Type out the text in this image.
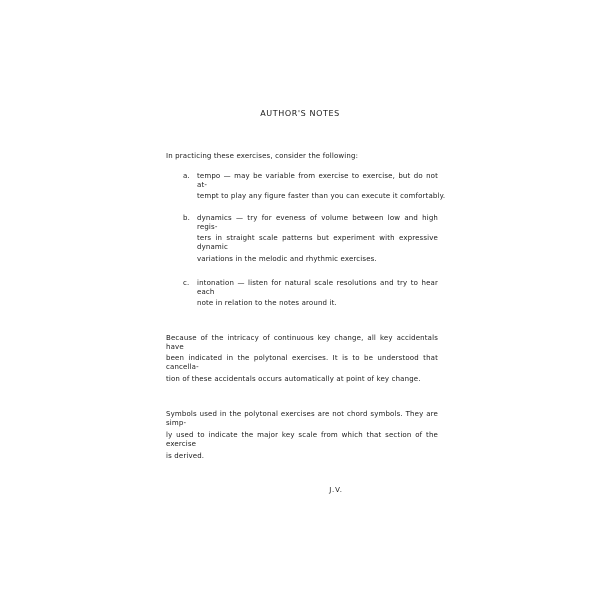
AUTHOR'S NOTES
In practicing these exercises, consider the following:
a. tempo — may be variable from exercise to exercise, but do not at-
tempt to play any figure faster than you can execute it comfortably.
b. dynamics — try for eveness of volume between low and high regis-
ters in straight scale patterns but experiment with expressive dynamic
variations in the melodic and rhythmic exercises.
c. intonation — listen for natural scale resolutions and try to hear each
note in relation to the notes around it.
Because of the intricacy of continuous key change, all key accidentals have
been indicated in the polytonal exercises. It is to be understood that cancella-
tion of these accidentals occurs automatically at point of key change.
Symbols used in the polytonal exercises are not chord symbols. They are simp-
ly used to indicate the major key scale from which that section of the exercise
is derived.
J.V.
